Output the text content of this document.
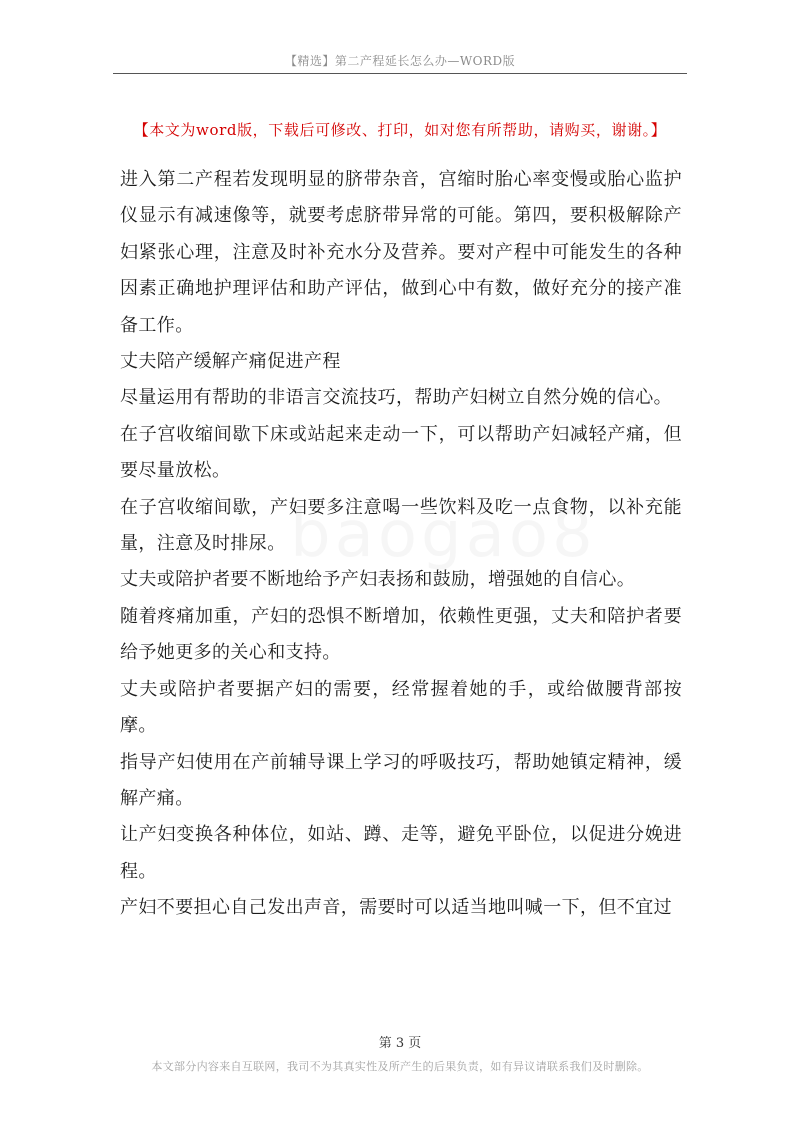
【精选】第二产程延长怎么办—WORD版
【本文为word版，下载后可修改、打印，如对您有所帮助，请购买，谢谢。】

进入第二产程若发现明显的脐带杂音，宫缩时胎心率变慢或胎心监护仪显示有减速像等，就要考虑脐带异常的可能。第四，要积极解除产妇紧张心理，注意及时补充水分及营养。要对产程中可能发生的各种因素正确地护理评估和助产评估，做到心中有数，做好充分的接产准备工作。

丈夫陪产缓解产痛促进产程

尽量运用有帮助的非语言交流技巧，帮助产妇树立自然分娩的信心。

在子宫收缩间歇下床或站起来走动一下，可以帮助产妇减轻产痛，但要尽量放松。

在子宫收缩间歇，产妇要多注意喝一些饮料及吃一点食物，以补充能量，注意及时排尿。

丈夫或陪护者要不断地给予产妇表扬和鼓励，增强她的自信心。

随着疼痛加重，产妇的恐惧不断增加，依赖性更强，丈夫和陪护者要给予她更多的关心和支持。

丈夫或陪护者要据产妇的需要，经常握着她的手，或给做腰背部按摩。

指导产妇使用在产前辅导课上学习的呼吸技巧，帮助她镇定精神，缓解产痛。

让产妇变换各种体位，如站、蹲、走等，避免平卧位，以促进分娩进程。

产妇不要担心自己发出声音，需要时可以适当地叫喊一下，但不宜过

第 3 页
本文部分内容来自互联网，我司不为其真实性及所产生的后果负责，如有异议请联系我们及时删除。
